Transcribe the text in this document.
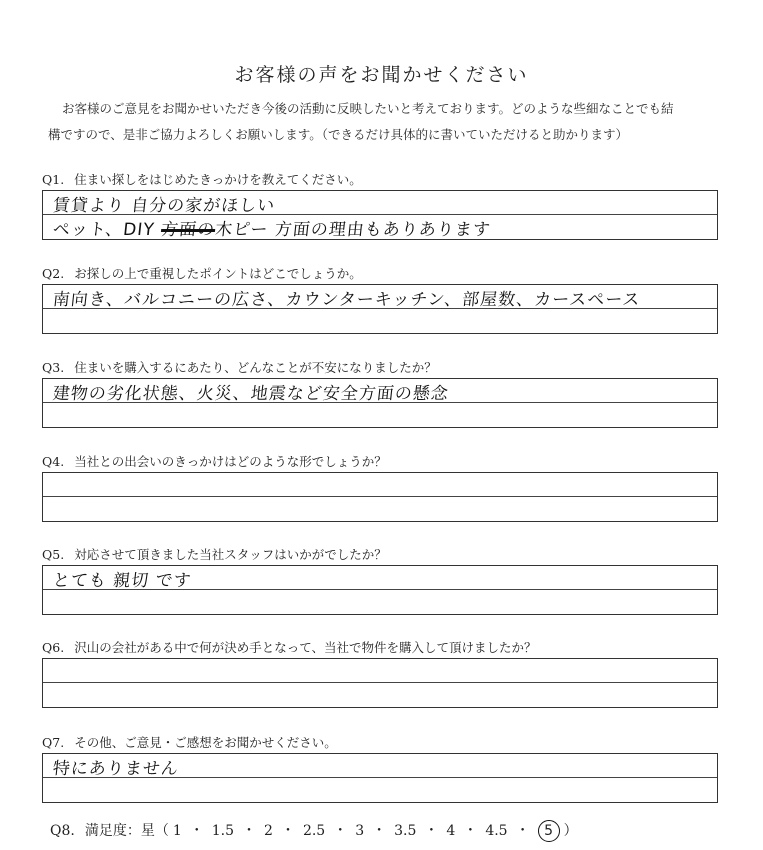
お客様の声をお聞かせください
お客様のご意見をお聞かせいただき今後の活動に反映したいと考えております。どのような些細なことでも結
構ですので、是非ご協力よろしくお願いします。（できるだけ具体的に書いていただけると助かります）
Q1. 住まい探しをはじめたきっかけを教えてください。
賃貸より 自分の家がほしい
ペット、DIY 方面の木ピー 方面の理由もありあります
Q2. お探しの上で重視したポイントはどこでしょうか。
南向き、バルコニーの広さ、カウンターキッチン、部屋数、カースペース
Q3. 住まいを購入するにあたり、どんなことが不安になりましたか？
建物の劣化状態、火災、地震など安全方面の懸念
Q4. 当社との出会いのきっかけはどのような形でしょうか？
Q5. 対応させて頂きました当社スタッフはいかがでしたか？
とても 親切 です
Q6. 沢山の会社がある中で何が決め手となって、当社で物件を購入して頂けましたか？
Q7. その他、ご意見・ご感想をお聞かせください。
特にありません
Q8. 満足度：星（ 1 ・ 1.5 ・ 2 ・ 2.5 ・ 3 ・ 3.5 ・ 4 ・ 4.5 ・ 5 ）
